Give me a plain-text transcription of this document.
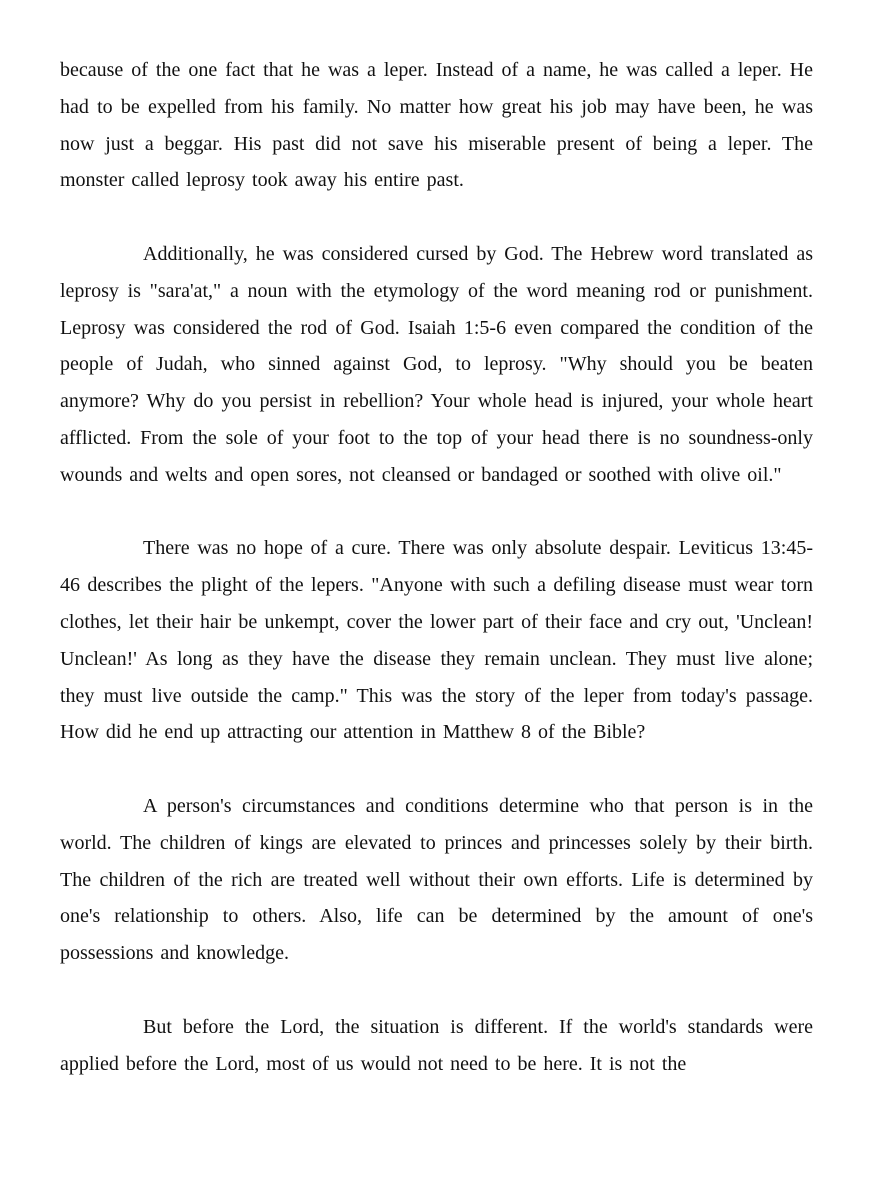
because of the one fact that he was a leper. Instead of a name, he was called a leper. He had to be expelled from his family. No matter how great his job may have been, he was now just a beggar. His past did not save his miserable present of being a leper. The monster called leprosy took away his entire past.

Additionally, he was considered cursed by God. The Hebrew word translated as leprosy is "sara'at," a noun with the etymology of the word meaning rod or punishment. Leprosy was considered the rod of God. Isaiah 1:5-6 even compared the condition of the people of Judah, who sinned against God, to leprosy. "Why should you be beaten anymore? Why do you persist in rebellion? Your whole head is injured, your whole heart afflicted. From the sole of your foot to the top of your head there is no soundness-only wounds and welts and open sores, not cleansed or bandaged or soothed with olive oil."

There was no hope of a cure. There was only absolute despair. Leviticus 13:45-46 describes the plight of the lepers. "Anyone with such a defiling disease must wear torn clothes, let their hair be unkempt, cover the lower part of their face and cry out, 'Unclean! Unclean!' As long as they have the disease they remain unclean. They must live alone; they must live outside the camp." This was the story of the leper from today's passage. How did he end up attracting our attention in Matthew 8 of the Bible?

A person's circumstances and conditions determine who that person is in the world. The children of kings are elevated to princes and princesses solely by their birth. The children of the rich are treated well without their own efforts. Life is determined by one's relationship to others. Also, life can be determined by the amount of one's possessions and knowledge.

But before the Lord, the situation is different. If the world's standards were applied before the Lord, most of us would not need to be here. It is not the
